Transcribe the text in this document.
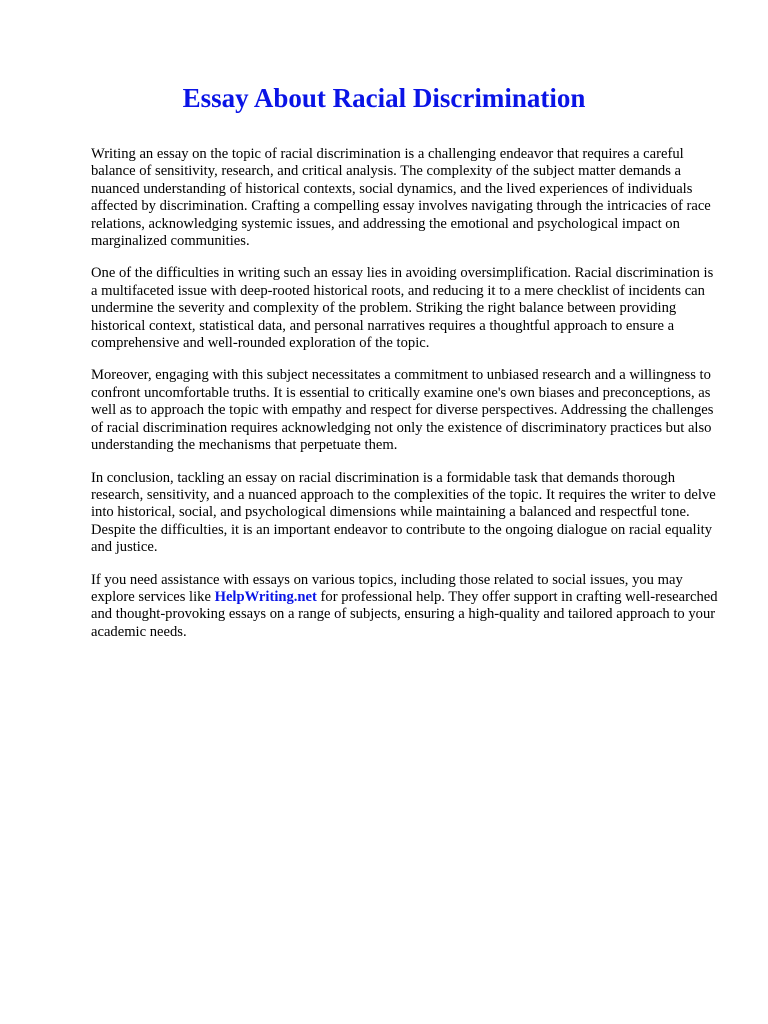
Essay About Racial Discrimination

Writing an essay on the topic of racial discrimination is a challenging endeavor that requires a careful balance of sensitivity, research, and critical analysis. The complexity of the subject matter demands a nuanced understanding of historical contexts, social dynamics, and the lived experiences of individuals affected by discrimination. Crafting a compelling essay involves navigating through the intricacies of race relations, acknowledging systemic issues, and addressing the emotional and psychological impact on marginalized communities.

One of the difficulties in writing such an essay lies in avoiding oversimplification. Racial discrimination is a multifaceted issue with deep-rooted historical roots, and reducing it to a mere checklist of incidents can undermine the severity and complexity of the problem. Striking the right balance between providing historical context, statistical data, and personal narratives requires a thoughtful approach to ensure a comprehensive and well-rounded exploration of the topic.

Moreover, engaging with this subject necessitates a commitment to unbiased research and a willingness to confront uncomfortable truths. It is essential to critically examine one's own biases and preconceptions, as well as to approach the topic with empathy and respect for diverse perspectives. Addressing the challenges of racial discrimination requires acknowledging not only the existence of discriminatory practices but also understanding the mechanisms that perpetuate them.

In conclusion, tackling an essay on racial discrimination is a formidable task that demands thorough research, sensitivity, and a nuanced approach to the complexities of the topic. It requires the writer to delve into historical, social, and psychological dimensions while maintaining a balanced and respectful tone. Despite the difficulties, it is an important endeavor to contribute to the ongoing dialogue on racial equality and justice.

If you need assistance with essays on various topics, including those related to social issues, you may explore services like HelpWriting.net for professional help. They offer support in crafting well-researched and thought-provoking essays on a range of subjects, ensuring a high-quality and tailored approach to your academic needs.
